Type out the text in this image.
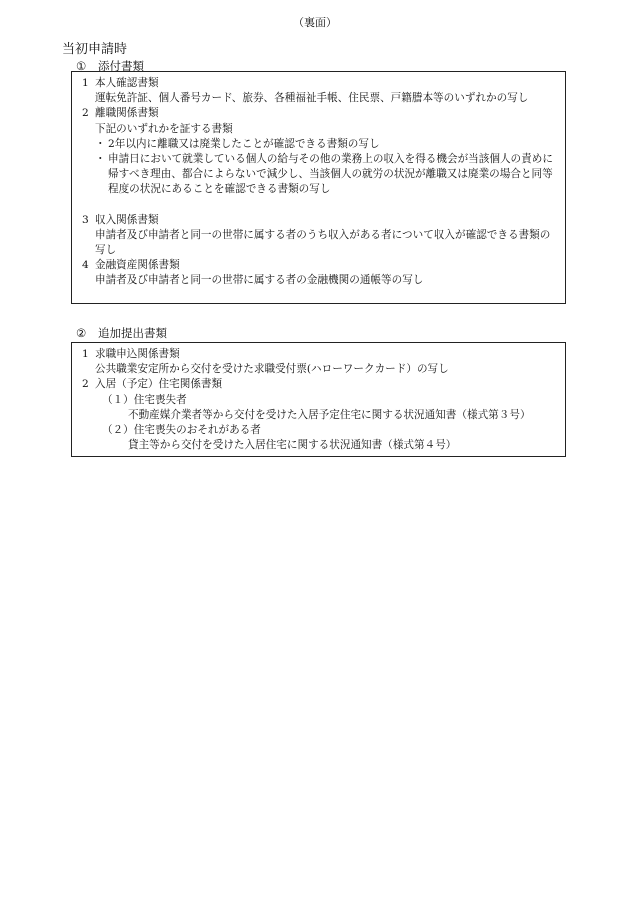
（裏面）
当初申請時
① 添付書類
1 本人確認書類
運転免許証、個人番号カード、旅券、各種福祉手帳、住民票、戸籍謄本等のいずれかの写し
2 離職関係書類
下記のいずれかを証する書類
・ 2年以内に離職又は廃業したことが確認できる書類の写し
・ 申請日において就業している個人の給与その他の業務上の収入を得る機会が当該個人の責めに帰すべき理由、都合によらないで減少し、当該個人の就労の状況が離職又は廃業の場合と同等程度の状況にあることを確認できる書類の写し
3 収入関係書類
申請者及び申請者と同一の世帯に属する者のうち収入がある者について収入が確認できる書類の写し
4 金融資産関係書類
申請者及び申請者と同一の世帯に属する者の金融機関の通帳等の写し
② 追加提出書類
1 求職申込関係書類
公共職業安定所から交付を受けた求職受付票(ハローワークカード）の写し
2 入居（予定）住宅関係書類
（１）住宅喪失者
不動産媒介業者等から交付を受けた入居予定住宅に関する状況通知書（様式第３号）
（２）住宅喪失のおそれがある者
貸主等から交付を受けた入居住宅に関する状況通知書（様式第４号）
